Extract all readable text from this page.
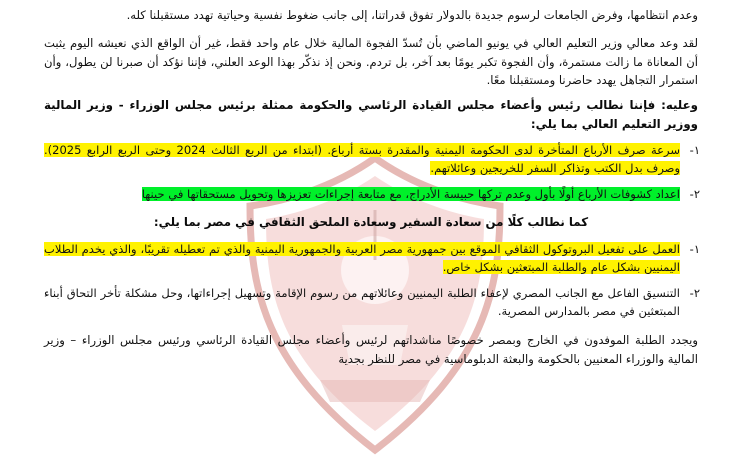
وعدم انتظامها، وفرض الجامعات لرسوم جديدة بالدولار تفوق قدراتنا، إلى جانب ضغوط نفسية وحياتية تهدد مستقبلنا كله.

لقد وعد معالي وزير التعليم العالي في يونيو الماضي بأن تُسدّ الفجوة المالية خلال عام واحد فقط، غير أن الواقع الذي نعيشه اليوم يثبت أن المعاناة ما زالت مستمرة، وأن الفجوة تكبر يومًا بعد آخر، بل تردم. ونحن إذ نذكّر بهذا الوعد العلني، فإننا نؤكد أن صبرنا لن يطول، وأن استمرار التجاهل يهدد حاضرنا ومستقبلنا معًا.

وعليه: فإننا نطالب رئيس وأعضاء مجلس القيادة الرئاسي والحكومة ممثلة برئيس مجلس الوزراء - وزير المالية ووزير التعليم العالي بما يلي:

١-
سرعة صرف الأرباع المتأخرة لدى الحكومة اليمنية والمقدرة بستة أرباع. (ابتداء من الربع الثالث 2024 وحتى الربع الرابع 2025). وصرف بدل الكتب وتذاكر السفر للخريجين وعائلاتهم.
٢-
اعداد كشوفات الأرباع أولًا بأول وعدم تركها حبيسة الأدراج، مع متابعة إجراءات تعزيزها وتحويل مستحقاتها في حينها

كما نطالب كلًا من سعادة السفير وسعادة الملحق الثقافي في مصر بما يلي:

١-
العمل على تفعيل البروتوكول الثقافي الموقع بين جمهورية مصر العربية والجمهورية اليمنية والذي تم تعطيله تقريبًا، والذي يخدم الطلاب اليمنيين بشكل عام والطلبة المبتعثين بشكل خاص.
٢-
التنسيق الفاعل مع الجانب المصري لإعفاء الطلبة اليمنيين وعائلاتهم من رسوم الإقامة وتسهيل إجراءاتها، وحل مشكلة تأخر التحاق أبناء المبتعثين في مصر بالمدارس المصرية.

ويجدد الطلبة الموفدون في الخارج وبمصر خصوصًا مناشداتهم لرئيس وأعضاء مجلس القيادة الرئاسي ورئيس مجلس الوزراء – وزير المالية والوزراء المعنيين بالحكومة والبعثة الدبلوماسية في مصر للنظر بجدية
